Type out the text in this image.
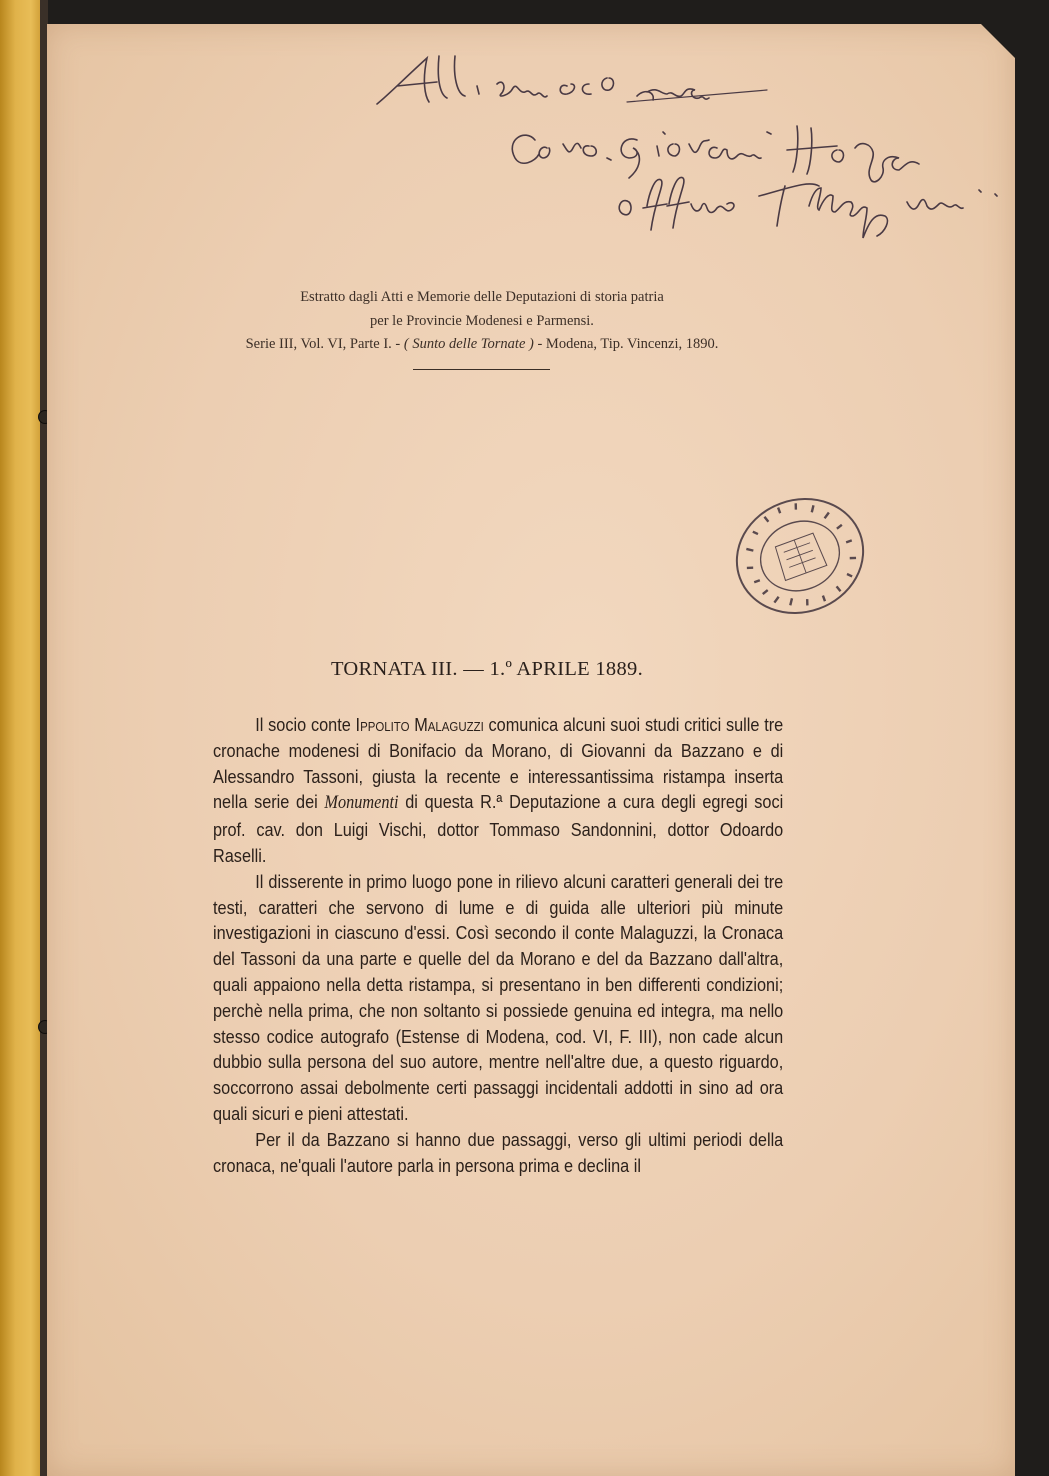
Estratto dagli Atti e Memorie delle Deputazioni di storia patria
per le Provincie Modenesi e Parmensi.
Serie III, Vol. VI, Parte I. - ( Sunto delle Tornate ) - Modena, Tip. Vincenzi, 1890.
TORNATA III. — 1.º APRILE 1889.

Il socio conte Ippolito Malaguzzi comunica alcuni suoi studi critici sulle tre cronache modenesi di Bonifacio da Morano, di Giovanni da Bazzano e di Alessandro Tassoni, giusta la recente e interessantissima ristampa inserta nella serie dei Monumenti di questa R.ª Deputazione a cura degli egregi soci prof. cav. don Luigi Vischi, dottor Tommaso Sandonnini, dottor Odoardo Raselli.

Il disserente in primo luogo pone in rilievo alcuni caratteri generali dei tre testi, caratteri che servono di lume e di guida alle ulteriori più minute investigazioni in ciascuno d'essi. Così secondo il conte Malaguzzi, la Cronaca del Tassoni da una parte e quelle del da Morano e del da Bazzano dall'altra, quali appaiono nella detta ristampa, si presentano in ben differenti condizioni; perchè nella prima, che non soltanto si possiede genuina ed integra, ma nello stesso codice autografo (Estense di Modena, cod. VI, F. III), non cade alcun dubbio sulla persona del suo autore, mentre nell'altre due, a questo riguardo, soccorrono assai debolmente certi passaggi incidentali addotti in sino ad ora quali sicuri e pieni attestati.

Per il da Bazzano si hanno due passaggi, verso gli ultimi periodi della cronaca, ne'quali l'autore parla in persona prima e declina il
